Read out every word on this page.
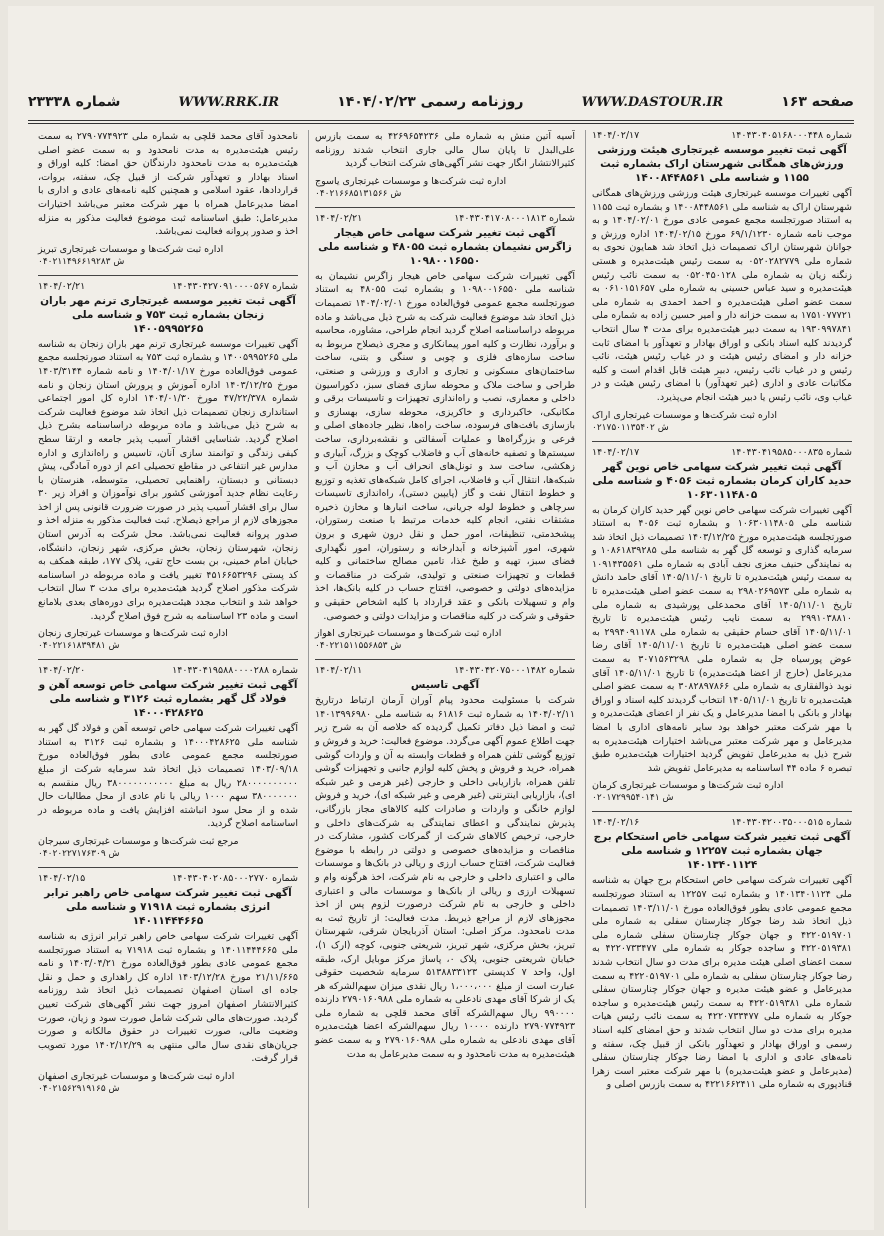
شماره ۲۳۳۳۸	WWW.RRK.IR	روزنامه رسمی ۱۴۰۴/۰۲/۲۳	WWW.DASTOUR.IR	صفحه ۱۶۳
شماره ۱۴۰۴۳۰۴۰۵۱۶۸۰۰۰۴۴۸
۱۴۰۴/۰۲/۱۷
آگهی ثبت تغییر موسسه غیرتجاری هیئت ورزشی ورزش‌های همگانی شهرستان اراک بشماره ثبت ۱۱۵۵ و شناسه ملی ۱۴۰۰۸۴۴۸۵۶۱

آگهی تغییرات موسسه غیرتجاری هیئت ورزشی ورزش‌های همگانی شهرستان اراک به شناسه ملی ۱۴۰۰۸۴۴۸۵۶۱ و بشماره ثبت ۱۱۵۵ به استناد صورتجلسه مجمع عمومی عادی مورخ ۱۴۰۴/۰۲/۰۱ و به موجب نامه شماره ۶۹/۱/۱۲۳۰ مورخ ۱۴۰۴/۰۲/۱۵ اداره ورزش و جوانان شهرستان اراک تصمیمات ذیل اتخاذ شد همایون نحوی به شماره ملی ۰۵۲۰۲۸۲۷۷۹ به سمت رئیس هیئت‌مدیره و هستی زنگنه زیان به شماره ملی ۰۵۲۰۴۵۰۱۲۸ به سمت نائب رئیس هیئت‌مدیره و سید عباس حسینی به شماره ملی ۰۶۱۰۱۵۱۶۵۷ به سمت عضو اصلی هیئت‌مدیره و احمد احمدی به شماره ملی ۱۷۵۱۰۷۷۷۲۱ به سمت خزانه دار و امیر حسین زاده به شماره ملی ۱۹۳۰۹۹۷۸۴۱ به سمت دبیر هیئت‌مدیره برای مدت ۴ سال انتخاب گردیدند کلیه اسناد بانکی و اوراق بهادار و تعهدآور با امضای ثابت خزانه دار و امضای رئیس هیئت و در غیاب رئیس هیئت، نائب رئیس و در غیاب نائب رئیس، دبیر هیئت قابل اقدام است و کلیه مکاتبات عادی و اداری (غیر تعهدآور) با امضای رئیس هیئت و در غیاب وی، نائب رئیس یا دبیر هیئت انجام می‌پذیرد.

اداره ثبت شرکت‌ها و موسسات غیرتجاری اراک
ش ۰۲۱۷۵۰۱۱۳۵۴۰۲
شماره ۱۴۰۴۳۰۴۱۹۵۸۵۰۰۰۸۳۵
۱۴۰۴/۰۲/۱۷
آگهی ثبت تغییر شرکت سهامی خاص نوین گهر حدید کاران کرمان بشماره ثبت ۴۰۵۶ و شناسه ملی ۱۰۶۳۰۱۱۴۸۰۵

آگهی تغییرات شرکت سهامی خاص نوین گهر حدید کاران کرمان به شناسه ملی ۱۰۶۳۰۱۱۴۸۰۵ و بشماره ثبت ۴۰۵۶ به استناد صورتجلسه هیئت‌مدیره مورخ ۱۴۰۳/۱۲/۲۵ تصمیمات ذیل اتخاذ شد سرمایه گذاری و توسعه گل گهر به شناسه ملی ۱۰۸۶۱۸۳۹۲۸۵ و به نمایندگی حنیف معزی نجف آبادی به شماره ملی ۱۰۹۱۴۳۵۵۶۱ به سمت رئیس هیئت‌مدیره تا تاریخ ۱۴۰۵/۱۱/۰۱ آقای حامد دانش به شماره ملی ۲۹۸۰۲۶۹۵۷۳ به سمت عضو اصلی هیئت‌مدیره تا تاریخ ۱۴۰۵/۱۱/۰۱ آقای محمدعلی پورشیدی به شماره ملی ۲۹۹۱۰۳۸۸۱۰ به سمت نایب رئیس هیئت‌مدیره تا تاریخ ۱۴۰۵/۱۱/۰۱ آقای حسام حقیقی به شماره ملی ۲۹۹۴۰۹۱۱۷۸ به سمت عضو اصلی هیئت‌مدیره تا تاریخ ۱۴۰۵/۱۱/۰۱ آقای رضا عوض پورسیاه جل به شماره ملی ۳۰۷۱۵۶۳۲۹۸ به سمت مدیرعامل (خارج از اعضا هیئت‌مدیره) تا تاریخ ۱۴۰۵/۱۱/۰۱ آقای نوید ذوالفقاری به شماره ملی ۳۰۸۲۸۹۷۸۶۶ به سمت عضو اصلی هیئت‌مدیره تا تاریخ ۱۴۰۵/۱۱/۰۱ انتخاب گردیدند کلیه اسناد و اوراق بهادار و بانکی با امضا مدیرعامل و یک نفر از اعضای هیئت‌مدیره و با مهر شرکت معتبر خواهد بود سایر نامه‌های اداری با امضا مدیرعامل و مهر شرکت معتبر می‌باشد اختیارات هیئت‌مدیره به شرح ذیل به مدیرعامل تفویض گردید اختیارات هیئت‌مدیره طبق تبصره ۶ ماده ۴۴ اساسنامه به مدیرعامل تفویض شد

اداره ثبت شرکت‌ها و موسسات غیرتجاری کرمان
ش ۰۲۰۱۷۲۹۹۵۴۰۱۴۱
شماره ۱۴۰۴۳۰۴۲۰۰۳۵۰۰۰۵۱۵
۱۴۰۴/۰۲/۱۶
آگهی ثبت تغییر شرکت سهامی خاص استحکام برج جهان بشماره ثبت ۱۲۲۵۷ و شناسه ملی ۱۴۰۱۳۴۰۱۱۲۴

آگهی تغییرات شرکت سهامی خاص استحکام برج جهان به شناسه ملی ۱۴۰۱۳۴۰۱۱۲۴ و بشماره ثبت ۱۲۲۵۷ به استناد صورتجلسه مجمع عمومی عادی بطور فوق‌العاده مورخ ۱۴۰۳/۱۱/۰۱ تصمیمات ذیل اتخاذ شد رضا جوکار چنارستان سفلی به شماره ملی ۴۲۲۰۵۱۹۷۰۱ و جهان جوکار چنارستان سفلی شماره ملی ۴۲۲۰۵۱۹۳۸۱ و ساجده جوکار به شماره ملی ۴۲۲۰۷۳۳۴۷۷ به سمت اعضای اصلی هیئت مدیره برای مدت دو سال انتخاب شدند رضا جوکار چنارستان سفلی به شماره ملی ۴۲۲۰۵۱۹۷۰۱ به سمت مدیرعامل و عضو هیئت مدیره و جهان جوکار چنارستان سفلی شماره ملی ۴۲۲۰۵۱۹۳۸۱ به سمت رئیس هیئت‌مدیره و ساجده جوکار به شماره ملی ۴۲۲۰۷۳۳۴۷۷ به سمت نائب رئیس هیات مدیره برای مدت دو سال انتخاب شدند و حق امضای کلیه اسناد رسمی و اوراق بهادار و تعهدآور بانکی از قبیل چک، سفته و نامه‌های عادی و اداری با امضا رضا جوکار چنارستان سفلی (مدیرعامل و عضو هیئت‌مدیره) با مهر شرکت معتبر است زهرا قنادپوری به شماره ملی ۴۲۲۱۶۶۲۴۱۱ به سمت بازرس اصلی و

آسیه آتین منش به شماره ملی ۴۲۶۹۶۵۴۲۳۶ به سمت بازرس علی‌البدل تا پایان سال مالی جاری انتخاب شدند روزنامه کثیرالانتشار انگار جهت نشر آگهی‌های شرکت انتخاب گردید

اداره ثبت شرکت‌ها و موسسات غیرتجاری یاسوج
ش ۰۴۰۲۱۶۶۸۵۱۳۱۵۶۶
شماره ۱۴۰۴۳۰۴۱۷۰۸۰۰۰۱۸۱۳
۱۴۰۴/۰۲/۲۱
آگهی ثبت تغییر شرکت سهامی خاص هیجار زاگرس نشیمان بشماره ثبت ۴۸۰۵۵ و شناسه ملی ۱۰۹۸۰۰۱۶۵۵۰

آگهی تغییرات شرکت سهامی خاص هیجار زاگرس نشیمان به شناسه ملی ۱۰۹۸۰۰۱۶۵۵۰ و بشماره ثبت ۴۸۰۵۵ به استناد صورتجلسه مجمع عمومی فوق‌العاده مورخ ۱۴۰۴/۰۲/۰۱ تصمیمات ذیل اتخاذ شد موضوع فعالیت شرکت به شرح ذیل می‌باشد و ماده مربوطه دراساسنامه اصلاح گردید انجام طراحی، مشاوره، محاسبه و برآورد، نظارت و کلیه امور پیمانکاری و مجری ذیصلاح مربوط به ساخت سازه‌های فلزی و چوبی و سنگی و بتنی، ساخت ساختمان‌های مسکونی و تجاری و اداری و ورزشی و صنعتی، طراحی و ساخت ملاک و محوطه سازی فضای سبز، دکوراسیون داخلی و معماری، نصب و راه‌اندازی تجهیزات و تاسیسات برقی و مکانیکی، خاکبرداری و خاکریزی، محوطه سازی، بهسازی و بازسازی بافت‌های فرسوده، ساخت راه‌ها، نظیر جاده‌های اصلی و فرعی و بزرگراه‌ها و عملیات آسفالتی و نقشه‌برداری، ساخت سیستم‌ها و تصفیه خانه‌های آب و فاضلاب کوچک و بزرگ، آبیاری و زهکشی، ساخت سد و تونل‌های انحراف آب و مخازن آب و شبکه‌ها، انتقال آب و فاضلاب، اجرای کامل شبکه‌های تغذیه و توزیع و خطوط انتقال نفت و گاز (پایپین دستی)، راه‌اندازی تاسیسات سرچاهی و خطوط لوله جریانی، ساخت انبارها و مخازن ذخیره مشتقات نفتی، انجام کلیه خدمات مرتبط با صنعت رستوران، پیشخدمتی، تنظیفات، امور حمل و نقل درون شهری و برون شهری، امور آشپزخانه و آبدارخانه و رستوران، امور نگهداری فضای سبز، تهیه و طبخ غذا، تامین مصالح ساختمانی و کلیه قطعات و تجهیزات صنعتی و تولیدی، شرکت در مناقصات و مزایده‌های دولتی و خصوصی، افتتاح حساب در کلیه بانک‌ها، اخذ وام و تسهیلات بانکی و عقد قرارداد با کلیه اشخاص حقیقی و حقوقی و شرکت در کلیه مناقصات و مزایدات دولتی و خصوصی.

اداره ثبت شرکت‌ها و موسسات غیرتجاری اهواز
ش ۰۴۰۲۲۱۵۱۱۵۵۶۸۵۳
شماره ۱۴۰۴۳۰۴۲۰۷۵۰۰۰۱۴۸۲
۱۴۰۴/۰۲/۱۱
آگهی تاسیس

شرکت با مسئولیت محدود پیام آوران آرمان ارتباط درتاریخ ۱۴۰۴/۰۲/۱۱ به شماره ثبت ۶۱۸۱۶ به شناسه ملی ۱۴۰۱۳۹۹۶۹۸۰ ثبت و امضا ذیل دفاتر تکمیل گردیده که خلاصه آن به شرح زیر جهت اطلاع عموم آگهی می‌گردد. موضوع فعالیت: خرید و فروش و توزیع گوشی تلفن همراه و قطعات وابسته به آن و واردات گوشی همراه، خرید و فروش و پخش کلیه لوازم جانبی و تجهیزات گوشی تلفن همراه، بازاریابی داخلی و خارجی (غیر هرمی و غیر شبکه ای)، بازاریابی اینترنتی (غیر هرمی و غیر شبکه ای)، خرید و فروش لوازم خانگی و واردات و صادرات کلیه کالاهای مجاز بازرگانی، پذیرش نمایندگی و اعطای نمایندگی به شرکت‌های داخلی و خارجی، ترخیص کالاهای شرکت از گمرکات کشور، مشارکت در مناقصات و مزایده‌های خصوصی و دولتی در رابطه با موضوع فعالیت شرکت، افتتاح حساب ارزی و ریالی در بانک‌ها و موسسات مالی و اعتباری داخلی و خارجی به نام شرکت، اخذ هرگونه وام و تسهیلات ارزی و ریالی از بانک‌ها و موسسات مالی و اعتباری داخلی و خارجی به نام شرکت درصورت لزوم پس از اخذ مجوزهای لازم از مراجع ذیربط. مدت فعالیت: از تاریخ ثبت به مدت نامحدود. مرکز اصلی: استان آذربایجان شرقی، شهرستان تبریز، بخش مرکزی، شهر تبریز، شریعتی جنوبی، کوچه (ارک ۱)، خیابان شریعتی جنوبی، پلاک ۰، پاساژ مرکز موبایل ارک، طبقه اول، واحد ۷ کدپستی ۵۱۳۸۸۳۳۱۲۳ سرمایه شخصیت حقوقی عبارت است از مبلغ ۱،۰۰۰،۰۰۰ ریال نقدی میزان سهم‌الشرکه هر یک از شرکا آقای مهدی نادعلی به شماره ملی ۲۷۹۰۱۶۰۹۸۸ دارنده ۹۹۰۰۰۰ ریال سهم‌الشرکه آقای محمد قلچی به شماره ملی ۲۷۹۰۷۷۴۹۲۳ دارنده ۱۰۰۰۰ ریال سهم‌الشرکه اعضا هیئت‌مدیره آقای مهدی نادعلی به شماره ملی ۲۷۹۰۱۶۰۹۸۸ و به سمت عضو هیئت‌مدیره به مدت نامحدود و به سمت مدیرعامل به مدت

نامحدود آقای محمد قلچی به شماره ملی ۲۷۹۰۷۷۴۹۲۳ به سمت رئیس هیئت‌مدیره به مدت نامحدود و به سمت عضو اصلی هیئت‌مدیره به مدت نامحدود دارندگان حق امضا: کلیه اوراق و اسناد بهادار و تعهدآور شرکت از قبیل چک، سفته، بروات، قراردادها، عقود اسلامی و همچنین کلیه نامه‌های عادی و اداری با امضا مدیرعامل همراه با مهر شرکت معتبر می‌باشد اختیارات مدیرعامل: طبق اساسنامه ثبت موضوع فعالیت مذکور به منزله اخذ و صدور پروانه فعالیت نمی‌باشد.

اداره ثبت شرکت‌ها و موسسات غیرتجاری تبریز
ش ۰۴۰۲۱۱۴۹۶۶۱۹۲۸۳
شماره ۱۴۰۴۳۰۴۲۷۰۹۱۰۰۰۰۵۶۷
۱۴۰۴/۰۲/۲۱
آگهی ثبت تغییر موسسه غیرتجاری ترنم مهر باران زنجان بشماره ثبت ۷۵۳ و شناسه ملی ۱۴۰۰۵۹۹۵۲۶۵

آگهی تغییرات موسسه غیرتجاری ترنم مهر باران زنجان به شناسه ملی ۱۴۰۰۵۹۹۵۲۶۵ و بشماره ثبت ۷۵۳ به استناد صورتجلسه مجمع عمومی فوق‌العاده مورخ ۱۴۰۴/۰۱/۱۷ و نامه شماره ۱۴۰۳/۳۱۴۴ مورخ ۱۴۰۳/۱۲/۲۵ اداره آموزش و پرورش استان زنجان و نامه شماره ۴۷/۲۲/۳۷۸ مورخ ۱۴۰۴/۰۱/۳۰ اداره کل امور اجتماعی استانداری زنجان تصمیمات ذیل اتخاذ شد موضوع فعالیت شرکت به شرح ذیل می‌باشد و ماده مربوطه دراساسنامه بشرح ذیل اصلاح گردید. شناسایی اقشار آسیب پذیر جامعه و ارتقا سطح کیفی زندگی و توانمند سازی آنان، تاسیس و راه‌اندازی و اداره مدارس غیر انتفاعی در مقاطع تحصیلی اعم از دوره آمادگی، پیش دبستانی و دبستان، راهنمایی تحصیلی، متوسطه، هنرستان با رعایت نظام جدید آموزشی کشور برای نوآموزان و افراد زیر ۳۰ سال برای اقشار آسیب پذیر در صورت ضرورت قانونی پس از اخذ مجوزهای لازم از مراجع ذیصلاح. ثبت فعالیت مذکور به منزله اخذ و صدور پروانه فعالیت نمی‌باشد. محل شرکت به آدرس استان زنجان، شهرستان زنجان، بخش مرکزی، شهر زنجان، دانشگاه، خیابان امام خمینی، بن بست حاج تقی، پلاک ۱۷۷، طبقه همکف به کد پستی ۴۵۱۶۶۵۳۲۹۶ تغییر یافت و ماده مربوطه در اساسنامه شرکت مذکور اصلاح گردید هیئت‌مدیره برای مدت ۳ سال انتخاب خواهد شد و انتخاب مجدد هیئت‌مدیره برای دوره‌های بعدی بلامانع است و ماده ۲۳ اساسنامه به شرح فوق اصلاح گردید.

اداره ثبت شرکت‌ها و موسسات غیرتجاری زنجان
ش ۰۴۰۲۲۱۶۱۸۳۹۴۸۱
شماره ۱۴۰۴۳۰۴۱۹۵۸۸۰۰۰۰۲۸۸
۱۴۰۴/۰۲/۲۰
آگهی ثبت تغییر شرکت سهامی خاص توسعه آهن و فولاد گل گهر بشماره ثبت ۳۱۲۶ و شناسه ملی ۱۴۰۰۰۴۲۸۶۲۵

آگهی تغییرات شرکت سهامی خاص توسعه آهن و فولاد گل گهر به شناسه ملی ۱۴۰۰۰۴۲۸۶۲۵ و بشماره ثبت ۳۱۲۶ به استناد صورتجلسه مجمع عمومی عادی بطور فوق‌العاده مورخ ۱۴۰۳/۰۹/۱۸ تصمیمات ذیل اتخاذ شد سرمایه شرکت از مبلغ ۲۸۰۰۰۰۰۰۰۰۰۰ ریال به مبلغ ۳۸۰۰۰۰۰۰۰۰۰۰۰ ریال منقسم به ۳۸۰۰۰۰۰۰۰ سهم ۱۰۰۰ ریالی با نام عادی از محل مطالبات حال شده و از محل سود انباشته افزایش یافت و ماده مربوطه در اساسنامه اصلاح گردید.

مرجع ثبت شرکت‌ها و موسسات غیرتجاری سیرجان
ش ۰۴۰۲۰۲۲۷۱۷۶۳۰۹
شماره ۱۴۰۴۳۰۴۰۲۰۸۵۰۰۰۲۷۷۰
۱۴۰۴/۰۲/۱۵
آگهی ثبت تغییر شرکت سهامی خاص راهبر ترابر انرژی بشماره ثبت ۷۱۹۱۸ و شناسه ملی ۱۴۰۱۱۴۴۴۶۶۵

آگهی تغییرات شرکت سهامی خاص راهبر ترابر انرژی به شناسه ملی ۱۴۰۱۱۴۴۴۶۶۵ و بشماره ثبت ۷۱۹۱۸ به استناد صورتجلسه مجمع عمومی عادی بطور فوق‌العاده مورخ ۱۴۰۳/۰۴/۲۱ و نامه ۲۱/۱۱/۶۶۵ مورخ ۱۴۰۳/۱۲/۲۸ اداره کل راهداری و حمل و نقل جاده ای استان اصفهان تصمیمات ذیل اتخاذ شد روزنامه کثیرالانتشار اصفهان امروز جهت نشر آگهی‌های شرکت تعیین گردید. صورت‌های مالی شرکت شامل صورت سود و زیان، صورت وضعیت مالی، صورت تغییرات در حقوق مالکانه و صورت جریان‌های نقدی سال مالی منتهی به ۱۴۰۲/۱۲/۲۹ مورد تصویب قرار گرفت.

اداره ثبت شرکت‌ها و موسسات غیرتجاری اصفهان
ش ۰۴۰۲۱۵۶۲۹۱۹۱۶۵
